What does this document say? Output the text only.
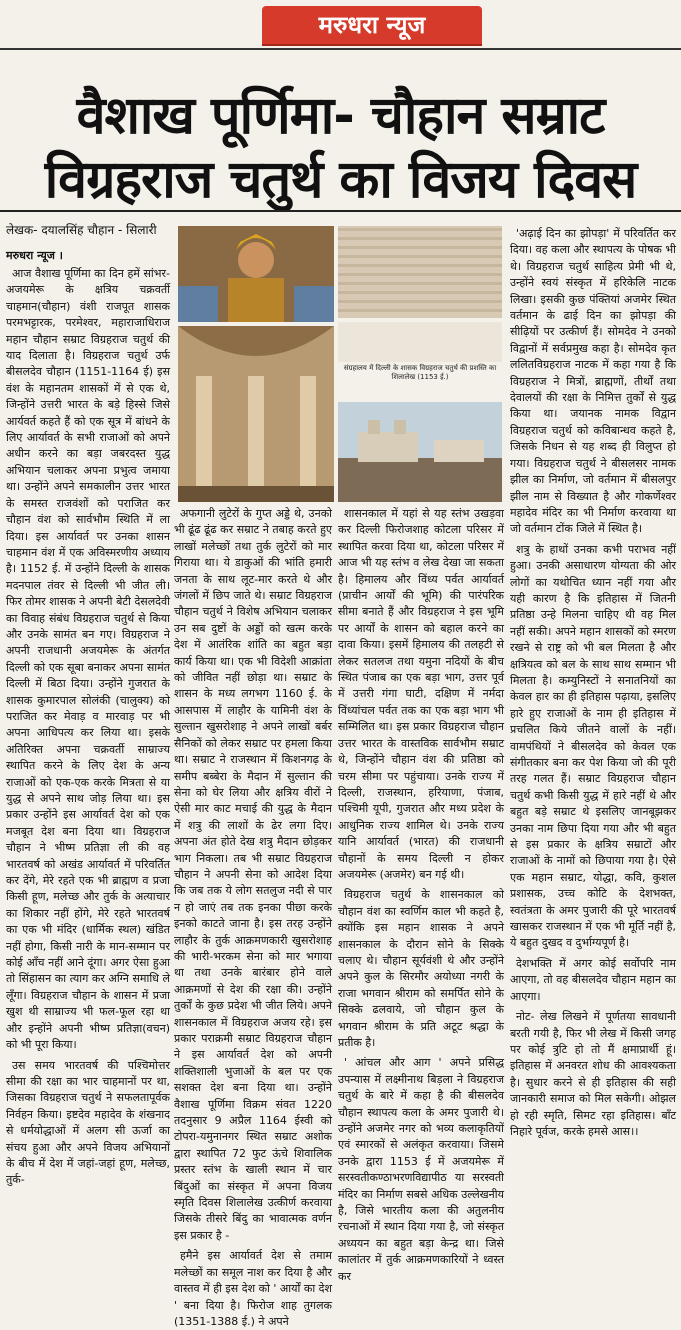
मरुधरा न्यूज
वैशाख पूर्णिमा- चौहान सम्राट
विग्रहराज चतुर्थ का विजय दिवस
लेखक- दयालसिंह चौहान - सिलारी
मरुधरा न्यूज ।
संग्रहालय में दिल्ली के शासक विग्रहराज चतुर्थ की प्रशस्ति का शिलालेख (1153 ई.)

आज वैशाख पूर्णिमा का दिन हमें सांभर-अजयमेरू के क्षत्रिय चक्रवर्ती चाहमान(चौहान) वंशी राजपूत शासक परमभट्टारक, परमेश्वर, महाराजाधिराज महान चौहान सम्राट विग्रहराज चतुर्थ की याद दिलाता है। विग्रहराज चतुर्थ उर्फ बीसलदेव चौहान (1151-1164 ई) इस वंश के महानतम शासकों में से एक थे, जिन्होंने उत्तरी भारत के बड़े हिस्से जिसे आर्यवर्त कहते हैं को एक सूत्र में बांधने के लिए आर्यावर्त के सभी राजाओं को अपने अधीन करने का बड़ा जबरदस्त युद्ध अभियान चलाकर अपना प्रभुत्व जमाया था। उन्होंने अपने समकालीन उत्तर भारत के समस्त राजवंशों को पराजित कर चौहान वंश को सार्वभौम स्थिति में ला दिया। इस आर्यावर्त पर उनका शासन चाहमान वंश में एक अविस्मरणीय अध्याय है। 1152 ई. में उन्होंने दिल्ली के शासक मदनपाल तंवर से दिल्ली भी जीत ली। फिर तोमर शासक ने अपनी बेटी देसलदेवी का विवाह संबंध विग्रहराज चतुर्थ से किया और उनके सामंत बन गए। विग्रहराज ने अपनी राजधानी अजयमेरू के अंतर्गत दिल्ली को एक सूबा बनाकर अपना सामंत दिल्ली में बिठा दिया। उन्होंने गुजरात के शासक कुमारपाल सोलंकी (चालुक्य) को पराजित कर मेवाड़ व मारवाड़ पर भी अपना आधिपत्य कर लिया था। इसके अतिरिक्त अपना चक्रवर्ती साम्राज्य स्थापित करने के लिए देश के अन्य राजाओं को एक-एक करके मित्रता से या युद्ध से अपने साथ जोड़ लिया था। इस प्रकार उन्होंने इस आर्यावर्त देश को एक मजबूत देश बना दिया था। विग्रहराज चौहान ने भीष्म प्रतिज्ञा ली की वह भारतवर्ष को अखंड आर्यावर्त में परिवर्तित कर देंगे, मेरे रहते एक भी ब्राह्मण व प्रजा किसी हूण, मलेच्छ और तुर्क के अत्याचार का शिकार नहीं होंगे, मेरे रहते भारतवर्ष का एक भी मंदिर (धार्मिक स्थल) खंडित नहीं होगा, किसी नारी के मान-सम्मान पर कोई आँच नहीं आने दूंगा। अगर ऐसा हुआ तो सिंहासन का त्याग कर अग्नि समाधि ले लूँगा। विग्रहराज चौहान के शासन में प्रजा खुश थी साम्राज्य भी फल-फूल रहा था और इन्होंने अपनी भीष्म प्रतिज्ञा(वचन) को भी पूरा किया।

उस समय भारतवर्ष की पश्चिमोत्तर सीमा की रक्षा का भार चाहमानों पर था, जिसका विग्रहराज चतुर्थ ने सफलतापूर्वक निर्वहन किया। इष्टदेव महादेव के शंखनाद से धर्मयोद्धाओं में अलग सी ऊर्जा का संचय हुआ और अपने विजय अभियानों के बीच में देश में जहां-जहां हूण, मलेच्छ, तुर्क-

अफगानी लुटेरों के गुप्त अड्डे थे, उनको भी ढूंढ ढूंढ कर सम्राट ने तबाह करते हुए लाखों मलेच्छों तथा तुर्क लुटेरों को मार गिराया था। ये डाकुओं की भांति हमारी जनता के साथ लूट-मार करते थे और जंगलों में छिप जाते थे। सम्राट विग्रहराज चौहान चतुर्थ ने विशेष अभियान चलाकर उन सब दुष्टों के अड्डों को खत्म करके देश में आतंरिक शांति का बहुत बड़ा कार्य किया था। एक भी विदेशी आक्रांता को जीवित नहीं छोड़ा था। सम्राट के शासन के मध्य लगभग 1160 ई. के आसपास में लाहौर के यामिनी वंश के सुल्तान खुसरोशाह ने अपने लाखों बर्बर सैनिकों को लेकर सम्राट पर हमला किया था। सम्राट ने राजस्थान में किशनगढ़ के समीप बब्बेरा के मैदान में सुल्तान की सेना को घेर लिया और क्षत्रिय वीरों ने ऐसी मार काट मचाई की युद्ध के मैदान में शत्रु की लाशों के ढेर लगा दिए। अपना अंत होते देख शत्रु मैदान छोड़कर भाग निकला। तब भी सम्राट विग्रहराज चौहान ने अपनी सेना को आदेश दिया कि जब तक ये लोग सतलुज नदी से पार न हो जाएं तब तक इनका पीछा करके इनको काटते जाना है। इस तरह उन्होंने लाहौर के तुर्क आक्रमणकारी खुसरोशाह की भारी-भरकम सेना को मार भगाया था तथा उनके बारंबार होने वाले आक्रमणों से देश की रक्षा की। उन्होंने तुर्कों के कुछ प्रदेश भी जीत लिये। अपने शासनकाल में विग्रहराज अजय रहे। इस प्रकार पराक्रमी सम्राट विग्रहराज चौहान ने इस आर्यावर्त देश को अपनी शक्तिशाली भुजाओं के बल पर एक सशक्त देश बना दिया था। उन्होंने वैशाख पूर्णिमा विक्रम संवत 1220 तदनुसार 9 अप्रैल 1164 ईस्वी को टोपरा-यमुनानगर स्थित सम्राट अशोक द्वारा स्थापित 72 फुट ऊंचे शिवालिक प्रस्तर स्तंभ के खाली स्थान में चार बिंदुओं का संस्कृत में अपना विजय स्मृति दिवस शिलालेख उत्कीर्ण करवाया जिसके तीसरे बिंदु का भावात्मक वर्णन इस प्रकार है -

हमैने इस आर्यावर्त देश से तमाम मलेच्छों का समूल नाश कर दिया है और वास्तव में ही इस देश को ' आर्यों का देश ' बना दिया है। फिरोज शाह तुगलक (1351-1388 ई.) ने अपने

शासनकाल में यहां से यह स्तंभ उखड़वा कर दिल्ली फिरोजशाह कोटला परिसर में स्थापित करवा दिया था, कोटला परिसर में आज भी यह स्तंभ व लेख देखा जा सकता है। हिमालय और विंध्य पर्वत आर्यावर्त (प्राचीन आर्यों की भूमि) की पारंपरिक सीमा बनाते हैं और विग्रहराज ने इस भूमि पर आर्यों के शासन को बहाल करने का दावा किया। इसमें हिमालय की तलहटी से लेकर सतलज तथा यमुना नदियों के बीच स्थित पंजाब का एक बड़ा भाग, उत्तर पूर्व में उत्तरी गंगा घाटी, दक्षिण में नर्मदा विंध्यांचल पर्वत तक का एक बड़ा भाग भी सम्मिलित था। इस प्रकार विग्रहराज चौहान उत्तर भारत के वास्तविक सार्वभौम सम्राट थे, जिन्होंने चौहान वंश की प्रतिष्ठा को चरम सीमा पर पहुंचाया। उनके राज्य में दिल्ली, राजस्थान, हरियाणा, पंजाब, पश्चिमी यूपी, गुजरात और मध्य प्रदेश के आधुनिक राज्य शामिल थे। उनके राज्य यानि आर्यावर्त (भारत) की राजधानी चौहानों के समय दिल्ली न होकर अजयमेरू (अजमेर) बन गई थी।

विग्रहराज चतुर्थ के शासनकाल को चौहान वंश का स्वर्णिम काल भी कहते है, क्योंकि इस महान शासक ने अपने शासनकाल के दौरान सोने के सिक्के चलाए थे। चौहान सूर्यवंशी थे और उन्होंने अपने कुल के सिरमौर अयोध्या नगरी के राजा भगवान श्रीराम को समर्पित सोने के सिक्के ढलवाये, जो चौहान कुल के भगवान श्रीराम के प्रति अटूट श्रद्धा के प्रतीक है।

' आंचल और आग ' अपने प्रसिद्ध उपन्यास में लक्ष्मीनाथ बिड़ला ने विग्रहराज चतुर्थ के बारे में कहा है की बीसलदेव चौहान स्थापत्य कला के अमर पुजारी थे। उन्होंने अजमेर नगर को भव्य कलाकृतियों एवं स्मारकों से अलंकृत करवाया। जिसमे उनके द्वारा 1153 ई में अजयमेरू में सरस्वतीकण्ठाभरणविद्यापीठ या सरस्वती मंदिर का निर्माण सबसे अधिक उल्लेखनीय है, जिसे भारतीय कला की अतुलनीय रचनाओं में स्थान दिया गया है, जो संस्कृत अध्ययन का बहुत बड़ा केन्द्र था। जिसे कालांतर में तुर्क आक्रमणकारियों ने ध्वस्त कर

'अढ़ाई दिन का झोपड़ा' में परिवर्तित कर दिया। वह कला और स्थापत्य के पोषक भी थे। विग्रहराज चतुर्थ साहित्य प्रेमी भी थे, उन्होंने स्वयं संस्कृत में हरिकेलि नाटक लिखा। इसकी कुछ पंक्तियां अजमेर स्थित वर्तमान के ढाई दिन का झोपड़ा की सीढ़ियों पर उत्कीर्ण हैं। सोमदेव ने उनको विद्वानों में सर्वप्रमुख कहा है। सोमदेव कृत ललितविग्रहराज नाटक में कहा गया है कि विग्रहराज ने मित्रों, ब्राह्मणों, तीर्थों तथा देवालयों की रक्षा के निमित्त तुर्कों से युद्ध किया था। जयानक नामक विद्वान विग्रहराज चतुर्थ को कविबान्धव कहते है, जिसके निधन से यह शब्द ही विलुप्त हो गया। विग्रहराज चतुर्थ ने बीसलसर नामक झील का निर्माण, जो वर्तमान में बीसलपुर झील नाम से विख्यात है और गोकर्णेश्वर महादेव मंदिर का भी निर्माण करवाया था जो वर्तमान टोंक जिले में स्थित है।

शत्रु के हाथों उनका कभी पराभव नहीं हुआ। उनकी असाधारण योग्यता की ओर लोगों का यथोचित ध्यान नहीं गया और यही कारण है कि इतिहास में जितनी प्रतिष्ठा उन्हे मिलना चाहिए थी वह मिल नहीं सकी। अपने महान शासकों को स्मरण रखने से राष्ट्र को भी बल मिलता है और क्षत्रियत्व को बल के साथ साथ सम्मान भी मिलता है। कम्युनिस्टों ने सनातनियों का केवल हार का ही इतिहास पढ़ाया, इसलिए हारे हुए राजाओं के नाम ही इतिहास में प्रचलित किये जीतने वालों के नहीं। वामपंथियों ने बीसलदेव को केवल एक संगीतकार बना कर पेश किया जो की पूरी तरह गलत हैं। सम्राट विग्रहराज चौहान चतुर्थ कभी किसी युद्ध में हारे नहीं थे और बहुत बड़े सम्राट थे इसलिए जानबूझकर उनका नाम छिपा दिया गया और भी बहुत से इस प्रकार के क्षत्रिय सम्राटों और राजाओं के नामों को छिपाया गया है। ऐसे एक महान सम्राट, योद्धा, कवि, कुशल प्रशासक, उच्च कोटि के देशभक्त, स्वतंत्रता के अमर पुजारी की पूरे भारतवर्ष खासकर राजस्थान में एक भी मूर्ति नहीं है, ये बहुत दुखद व दुर्भाग्यपूर्ण है।

देशभक्ति में अगर कोई सर्वोपरि नाम आएगा, तो वह बीसलदेव चौहान महान का आएगा।

नोट- लेख लिखने में पूर्णतया सावधानी बरती गयी है, फिर भी लेख में किसी जगह पर कोई त्रुटि हो तो मैं क्षमाप्रार्थी हूं। इतिहास में अनवरत शोध की आवश्यकता है। सुधार करने से ही इतिहास की सही जानकारी समाज को मिल सकेगी। ओझल हो रही स्मृति, सिमट रहा इतिहास। बाँट निहारे पूर्वज, करके हमसे आस।।
